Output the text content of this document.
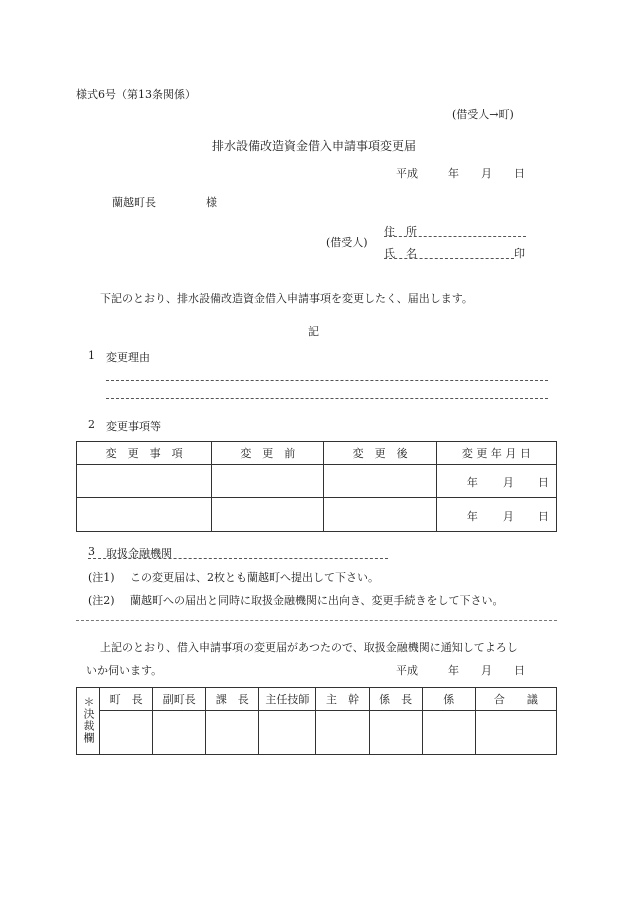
様式6号（第13条関係）
(借受人→町)
排水設備改造資金借入申請事項変更届
平成	年 月 日
蘭越町長	様
(借受人)
住　所
氏　名	印
下記のとおり、排水設備改造資金借入申請事項を変更したく、届出します。
記
1 変更理由
2 変更事項等
変　更　事　項	変　更　前	変　更　後	変 更 年 月 日

			年 月 日

			年 月 日
3 取扱金融機関
(注1) この変更届は、2枚とも蘭越町へ提出して下さい。
(注2) 蘭越町への届出と同時に取扱金融機関に出向き、変更手続きをして下さい。
上記のとおり、借入申請事項の変更届があつたので、取扱金融機関に通知してよろし
いか伺います。	平成	年 月 日
＊決裁欄	町　長	副町長	課　長	主任技師	主　幹	係　長	係	合　　議
